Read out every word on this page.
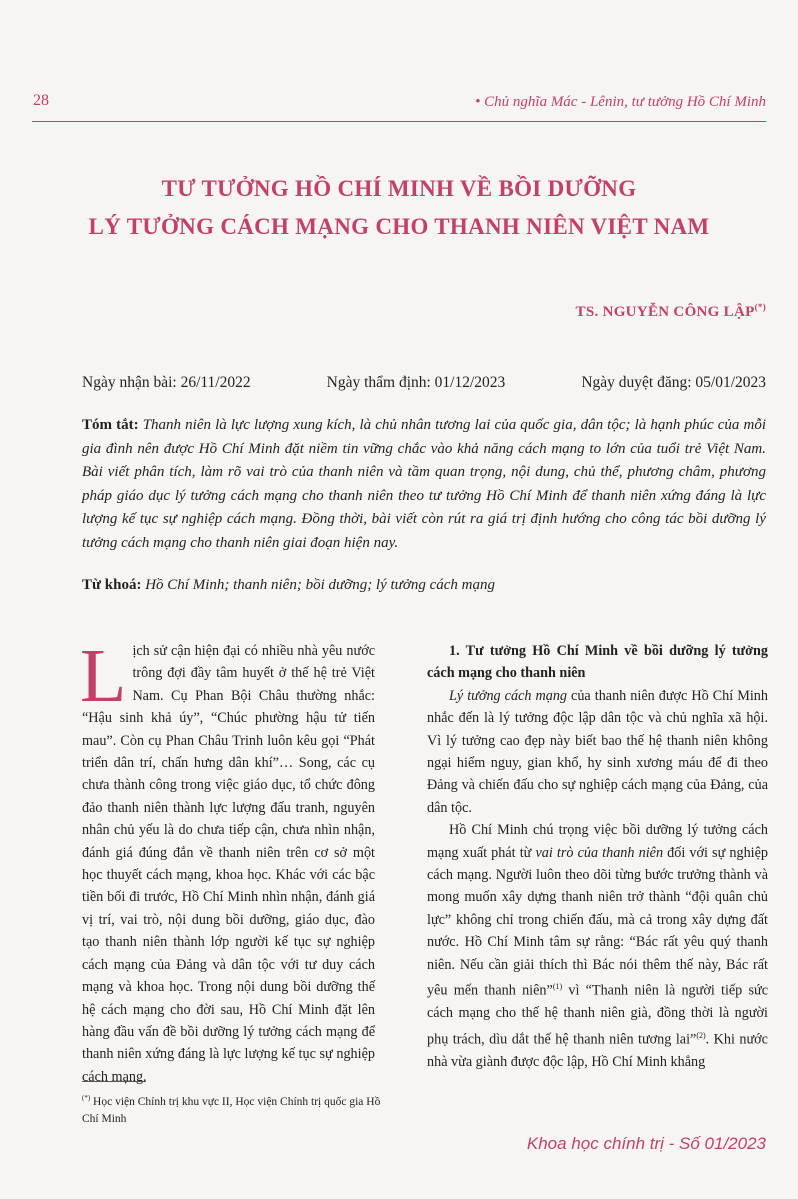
28	• Chủ nghĩa Mác - Lênin, tư tưởng Hồ Chí Minh
TƯ TƯỞNG HỒ CHÍ MINH VỀ BỒI DƯỠNG
LÝ TƯỞNG CÁCH MẠNG CHO THANH NIÊN VIỆT NAM
TS. NGUYỄN CÔNG LẬP(*)
Ngày nhận bài: 26/11/2022	Ngày thẩm định: 01/12/2023	Ngày duyệt đăng: 05/01/2023
Tóm tắt: Thanh niên là lực lượng xung kích, là chủ nhân tương lai của quốc gia, dân tộc; là hạnh phúc của mỗi gia đình nên được Hồ Chí Minh đặt niềm tin vững chắc vào khả năng cách mạng to lớn của tuổi trẻ Việt Nam. Bài viết phân tích, làm rõ vai trò của thanh niên và tầm quan trọng, nội dung, chủ thể, phương châm, phương pháp giáo dục lý tưởng cách mạng cho thanh niên theo tư tưởng Hồ Chí Minh để thanh niên xứng đáng là lực lượng kế tục sự nghiệp cách mạng. Đồng thời, bài viết còn rút ra giá trị định hướng cho công tác bồi dưỡng lý tưởng cách mạng cho thanh niên giai đoạn hiện nay.
Từ khoá: Hồ Chí Minh; thanh niên; bồi dưỡng; lý tưởng cách mạng
Lịch sử cận hiện đại có nhiều nhà yêu nước trông đợi đầy tâm huyết ở thế hệ trẻ Việt Nam. Cụ Phan Bội Châu thường nhắc: “Hậu sinh khả úy”, “Chúc phường hậu tử tiến mau”. Còn cụ Phan Châu Trinh luôn kêu gọi “Phát triển dân trí, chấn hưng dân khí”… Song, các cụ chưa thành công trong việc giáo dục, tổ chức đông đảo thanh niên thành lực lượng đấu tranh, nguyên nhân chủ yếu là do chưa tiếp cận, chưa nhìn nhận, đánh giá đúng đắn về thanh niên trên cơ sở một học thuyết cách mạng, khoa học. Khác với các bậc tiền bối đi trước, Hồ Chí Minh nhìn nhận, đánh giá vị trí, vai trò, nội dung bồi dưỡng, giáo dục, đào tạo thanh niên thành lớp người kế tục sự nghiệp cách mạng của Đảng và dân tộc với tư duy cách mạng và khoa học. Trong nội dung bồi dưỡng thế hệ cách mạng cho đời sau, Hồ Chí Minh đặt lên hàng đầu vấn đề bồi dưỡng lý tưởng cách mạng để thanh niên xứng đáng là lực lượng kế tục sự nghiệp cách mạng.

1. Tư tưởng Hồ Chí Minh về bồi dưỡng lý tưởng cách mạng cho thanh niên

Lý tưởng cách mạng của thanh niên được Hồ Chí Minh nhắc đến là lý tưởng độc lập dân tộc và chủ nghĩa xã hội. Vì lý tưởng cao đẹp này biết bao thế hệ thanh niên không ngại hiểm nguy, gian khổ, hy sinh xương máu để đi theo Đảng và chiến đấu cho sự nghiệp cách mạng của Đảng, của dân tộc.

Hồ Chí Minh chú trọng việc bồi dưỡng lý tưởng cách mạng xuất phát từ vai trò của thanh niên đối với sự nghiệp cách mạng. Người luôn theo dõi từng bước trưởng thành và mong muốn xây dựng thanh niên trở thành “đội quân chủ lực” không chỉ trong chiến đấu, mà cả trong xây dựng đất nước. Hồ Chí Minh tâm sự rằng: “Bác rất yêu quý thanh niên. Nếu cần giải thích thì Bác nói thêm thế này, Bác rất yêu mến thanh niên”$^{(1)}$ vì “Thanh niên là người tiếp sức cách mạng cho thế hệ thanh niên già, đồng thời là người phụ trách, dìu dắt thế hệ thanh niên tương lai”$^{(2)}$. Khi nước nhà vừa giành được độc lập, Hồ Chí Minh khẳng

(*) Học viện Chính trị khu vực II, Học viện Chính trị quốc gia Hồ Chí Minh
Khoa học chính trị - Số 01/2023
